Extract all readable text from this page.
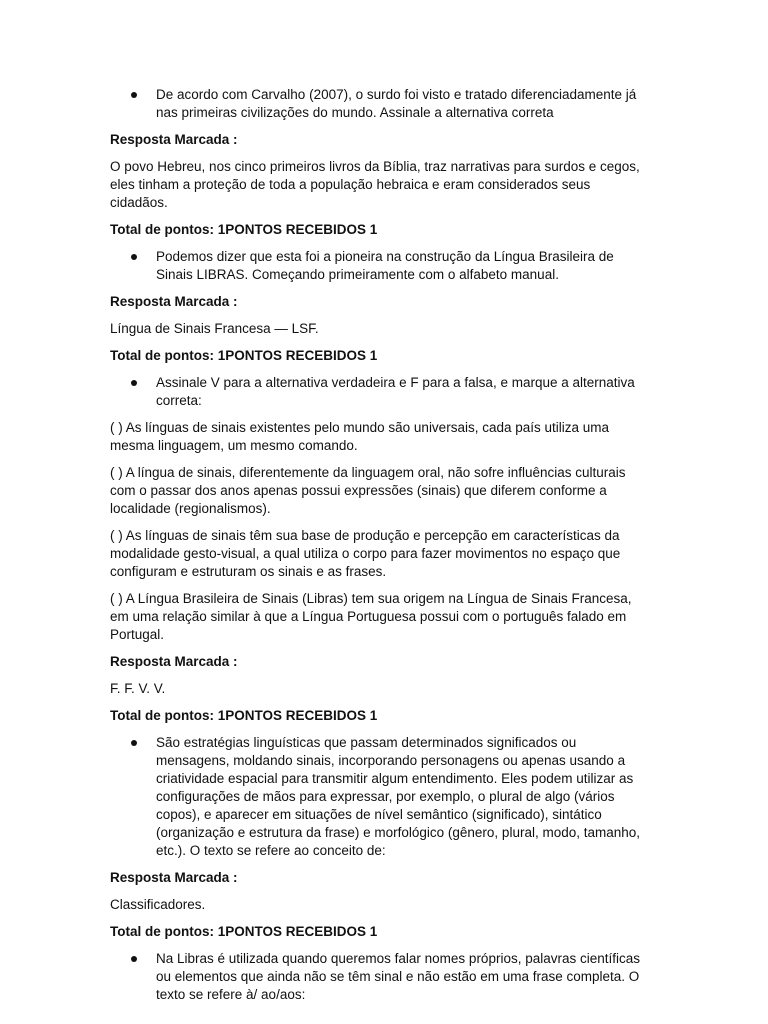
De acordo com Carvalho (2007), o surdo foi visto e tratado diferenciadamente já nas primeiras civilizações do mundo. Assinale a alternativa correta
Resposta Marcada :
O povo Hebreu, nos cinco primeiros livros da Bíblia, traz narrativas para surdos e cegos, eles tinham a proteção de toda a população hebraica e eram considerados seus cidadãos.
Total de pontos: 1PONTOS RECEBIDOS 1
Podemos dizer que esta foi a pioneira na construção da Língua Brasileira de Sinais LIBRAS. Começando primeiramente com o alfabeto manual.
Resposta Marcada :
Língua de Sinais Francesa — LSF.
Total de pontos: 1PONTOS RECEBIDOS 1
Assinale V para a alternativa verdadeira e F para a falsa, e marque a alternativa correta:
( ) As línguas de sinais existentes pelo mundo são universais, cada país utiliza uma mesma linguagem, um mesmo comando.
( ) A língua de sinais, diferentemente da linguagem oral, não sofre influências culturais com o passar dos anos apenas possui expressões (sinais) que diferem conforme a localidade (regionalismos).
( ) As línguas de sinais têm sua base de produção e percepção em características da modalidade gesto-visual, a qual utiliza o corpo para fazer movimentos no espaço que configuram e estruturam os sinais e as frases.
( ) A Língua Brasileira de Sinais (Libras) tem sua origem na Língua de Sinais Francesa, em uma relação similar à que a Língua Portuguesa possui com o português falado em Portugal.
Resposta Marcada :
F. F. V. V.
Total de pontos: 1PONTOS RECEBIDOS 1
São estratégias linguísticas que passam determinados significados ou mensagens, moldando sinais, incorporando personagens ou apenas usando a criatividade espacial para transmitir algum entendimento. Eles podem utilizar as configurações de mãos para expressar, por exemplo, o plural de algo (vários copos), e aparecer em situações de nível semântico (significado), sintático (organização e estrutura da frase) e morfológico (gênero, plural, modo, tamanho, etc.). O texto se refere ao conceito de:
Resposta Marcada :
Classificadores.
Total de pontos: 1PONTOS RECEBIDOS 1
Na Libras é utilizada quando queremos falar nomes próprios, palavras científicas ou elementos que ainda não se têm sinal e não estão em uma frase completa. O texto se refere à/ ao/aos:
